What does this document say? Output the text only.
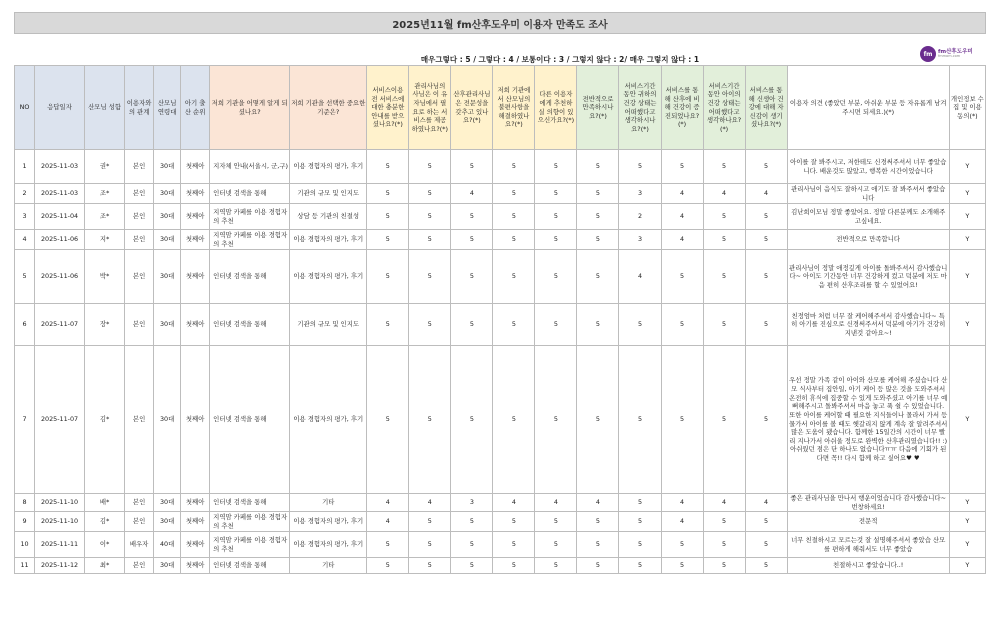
2025년11월 fm산후도우미 이용자 만족도 조사
매우그렇다 : 5 / 그렇다 : 4 / 보통이다 : 3 / 그렇지 않다 : 2/ 매우 그렇지 않다 : 1
fm	fm산후도우미
fmmom.com
NO	응답일자	산모님 성함	이용자와의 관계	산모님 연령대	아기 출산 순위	저희 기관을 어떻게 알게 되셨나요?	저희 기관을 선택한 중요한 기준은?	서비스이용 전 서비스에 대한 충분한 안내를 받으셨나요?(*)	관리사님의 사님은 이 유자님에서 필요로 하는 서비스를 제공하였나요?(*)	산후관리사님은 전문성을 갖추고 있나요?(*)	저희 기관에서 산모님의 불편사항을 해결하였나요?(*)	다른 이용자에게 추천하실 의향이 있으신가요?(*)	전반적으로 만족하시나요?(*)	서비스기간 동안 귀하의 건강 상태는 어떠했다고 생각하시나요?(*)	서비스를 통해 산후에 비해 건강이 증진되었나요?(*)	서비스기간 동안 아이의 건강 상태는 어떠했다고 생각하나요?(*)	서비스를 통해 신생아 건강에 대해 자신감이 생기셨나요?(*)	이용자 의견 (좋았던 부분, 아쉬운 부분 등 자유롭게 남겨 주시면 되세요.)(*)	개인정보 수집 및 이용 동의(*)
1	2025-11-03	권*	본인	30대	첫째아	지자체 안내(서울시, 군,구)	이용 경험자의 평가, 후기	5	5	5	5	5	5	5	5	5	5	아이를 잘 봐주시고, 저한테도 신경써주셔서 너무 좋았습니다. 배운것도 많았고, 행복한 시간이었습니다	Y
2	2025-11-03	조*	본인	30대	첫째아	인터넷 검색을 통해	기관의 규모 및 인지도	5	5	4	5	5	5	3	4	4	4	관리사님이 음식도 잘하시고 애기도 잘 봐주셔서 좋았습니다	Y
3	2025-11-04	조*	본인	30대	첫째아	지역맘 카페를 이용 경험자의 추천	상담 등 기관의 친절성	5	5	5	5	5	5	2	4	5	5	김난희이모님 정말 좋았어요. 정말 다른분께도 소개해주고싶네요.	Y
4	2025-11-06	지*	본인	30대	첫째아	지역맘 카페를 이용 경험자의 추천	이용 경험자의 평가, 후기	5	5	5	5	5	5	3	4	5	5	전반적으로 만족합니다	Y
5	2025-11-06	박*	본인	30대	첫째아	인터넷 검색을 통해	이용 경험자의 평가, 후기	5	5	5	5	5	5	4	5	5	5	관리사님이 정말 애정깊게 아이를 돌봐주셔서 감사했습니다~ 아이도 기간동안 너무 건강하게 컸고 덕분에 저도 마음 편히 산후조리를 할 수 있었어요!	Y
6	2025-11-07	장*	본인	30대	첫째아	인터넷 검색을 통해	기관의 규모 및 인지도	5	5	5	5	5	5	5	5	5	5	친정엄마 처럼 너무 잘 케어해주셔서 감사했습니다~ 특히 아기를 진심으로 신경써주셔서 덕분에 아기가 건강히 지낸것 같아요~!	Y
7	2025-11-07	김*	본인	30대	첫째아	인터넷 검색을 통해	이용 경험자의 평가, 후기	5	5	5	5	5	5	5	5	5	5	우선 정말 가족 같이 아이와 산모를 케어해 주셨습니다 산모 식사부터 집안일, 아기 케어 등 많은 것을 도와주셔서 온전히 휴식에 집중할 수 있게 도와주셨고 아기를 너무 예뻐해주시고 돌봐주셔서 마음 놓고 푹 쉴 수 있었습니다. 또한 아이를 케어할 때 필요한 지식들이나 몰라서 가서 등 물가서 아이를 볼 때도 헷갈리지 않게 계속 잘 알려주셔서 많은 도움이 됐습니다. 함께한 15일간의 시간이 너무 빨리 지나가서 아쉬울 정도로 완벽한 산후관리였습니다!! :) 아쉬웠던 점은 단 하나도 없습니다ㅠㅠ 다음에 기회가 된다면 꼭!! 다시 함께 하고 싶어요♥ ♥	Y
8	2025-11-10	배*	본인	30대	첫째아	인터넷 검색을 통해	기타	4	4	3	4	4	4	5	4	4	4	좋은 관리사님을 만나서 행운이었습니다 감사했습니다~ 번창하세요!	Y
9	2025-11-10	김*	본인	30대	첫째아	지역맘 카페를 이용 경험자의 추천	이용 경험자의 평가, 후기	4	5	5	5	5	5	5	4	5	5	전문적	Y
10	2025-11-11	이*	배우자	40대	첫째아	지역맘 카페를 이용 경험자의 추천	이용 경험자의 평가, 후기	5	5	5	5	5	5	5	5	5	5	너무 친절하시고 모르는것 잘 설명해주셔서 좋았습 산모를 편하게 해줘서도 너무 좋았습	Y
11	2025-11-12	최*	본인	30대	첫째아	인터넷 검색을 통해	기타	5	5	5	5	5	5	5	5	5	5	친절하시고 좋았습니다..!	Y
